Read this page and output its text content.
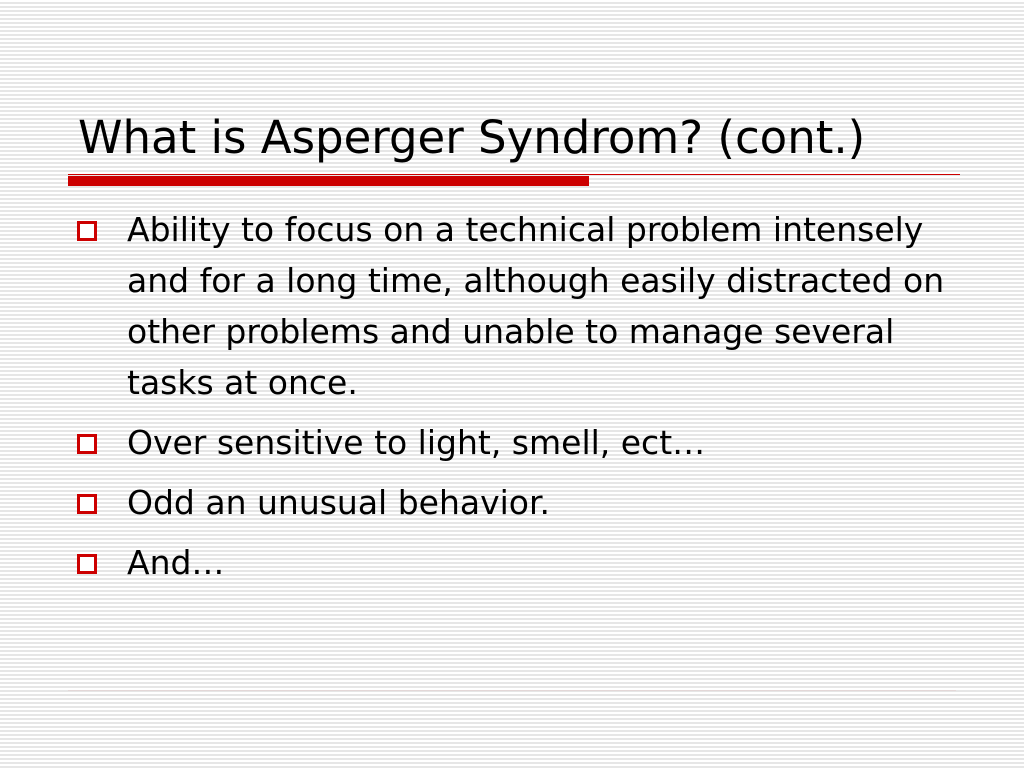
What is Asperger Syndrom? (cont.)
Ability to focus on a technical problem intensely and for a long time, although easily distracted on other problems and unable to manage several tasks at once.
Over sensitive to light, smell, ect…
Odd an unusual behavior.
And…
